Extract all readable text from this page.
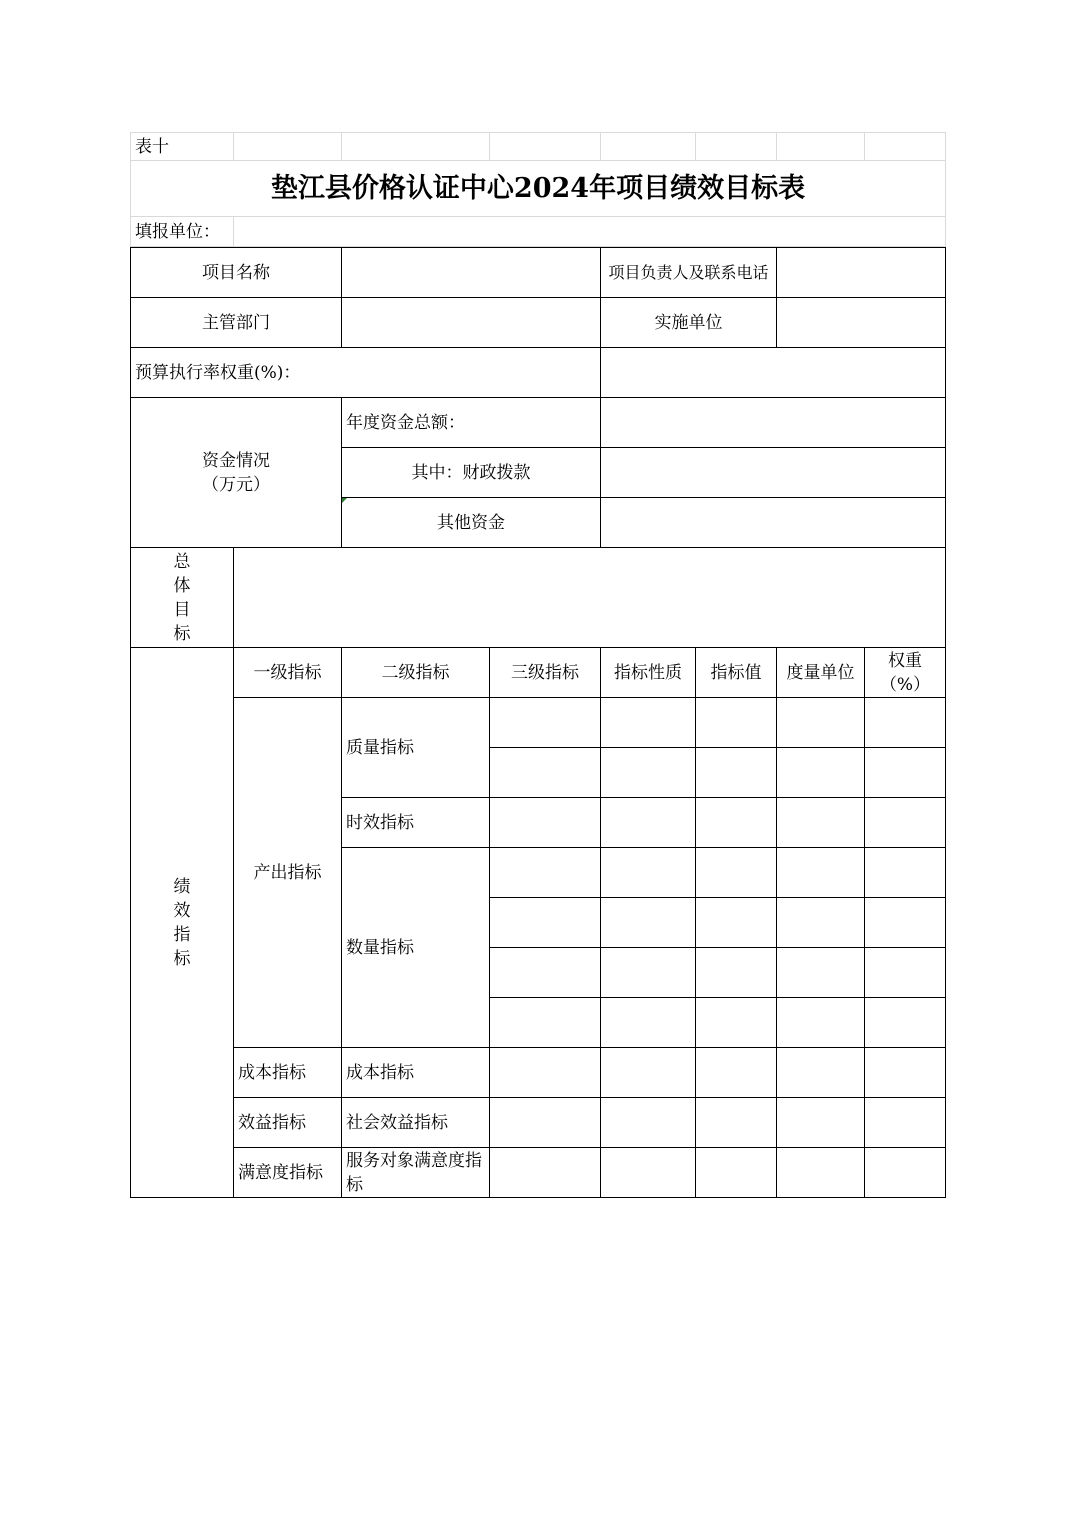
表十							
垫江县价格认证中心2024年项目绩效目标表							
填报单位：							
项目名称				项目负责人及联系电话			
主管部门				实施单位			
预算执行率权重(%)：							

资金情况
（万元）		年度资金总额：					
		其中：财政拨款					
		其他资金					

总体目标							

绩效指标	一级指标	二级指标	三级指标	指标性质	指标值	度量单位	权重（%）
	产出指标	质量指标					

		时效指标					
		数量指标					

	成本指标	成本指标					
	效益指标	社会效益指标					
	满意度指标	服务对象满意度指标					
